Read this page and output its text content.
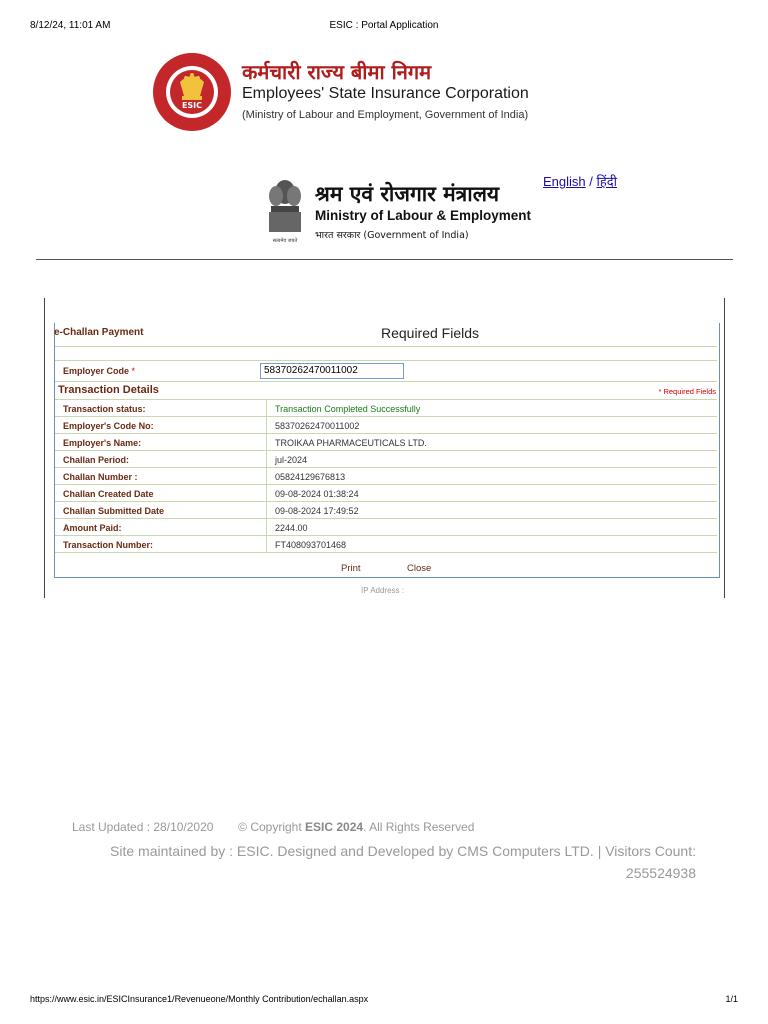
8/12/24, 11:01 AM	ESIC : Portal Application
ESIC
कर्मचारी राज्य बीमा निगम
Employees' State Insurance Corporation
(Ministry of Labour and Employment, Government of India)
सत्यमेव जयते
श्रम एवं रोजगार मंत्रालय
Ministry of Labour & Employment
भारत सरकार (Government of India)
English / हिंदी
e-Challan Payment	Required Fields
Employer Code *	58370262470011002
Transaction Details	* Required Fields
Transaction status:	Transaction Completed Successfully
Employer's Code No:	58370262470011002
Employer's Name:	TROIKAA PHARMACEUTICALS LTD.
Challan Period:	jul-2024
Challan Number :	05824129676813
Challan Created Date	09-08-2024 01:38:24
Challan Submitted Date	09-08-2024 17:49:52
Amount Paid:	2244.00
Transaction Number:	FT408093701468
Print	Close
IP Address :
Last Updated : 28/10/2020 © Copyright ESIC 2024. All Rights Reserved
Site maintained by : ESIC. Designed and Developed by CMS Computers LTD. | Visitors Count:
255524938
https://www.esic.in/ESICInsurance1/Revenueone/Monthly Contribution/echallan.aspx	1/1
